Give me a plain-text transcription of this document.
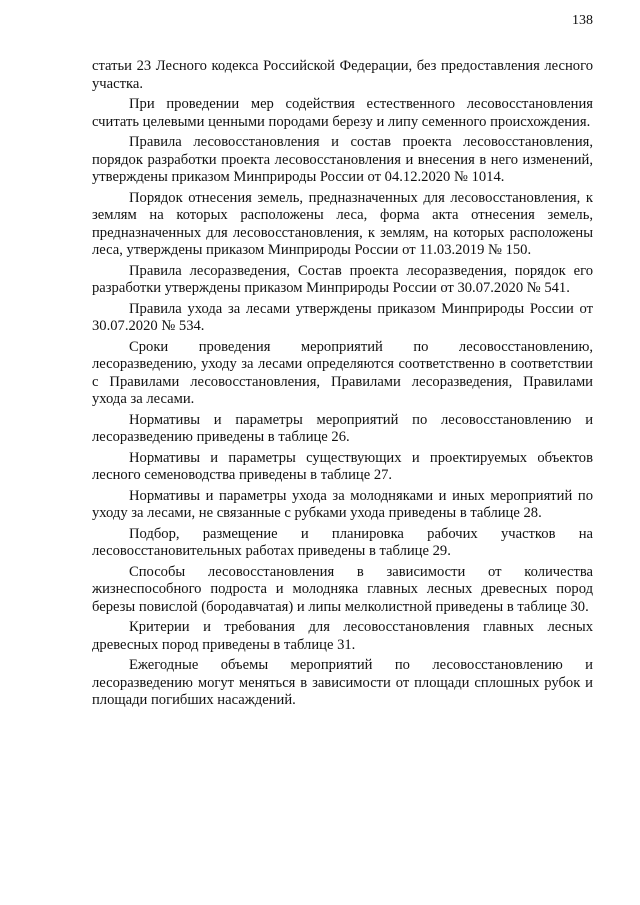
138

статьи 23 Лесного кодекса Российской Федерации, без предоставления лесного участка.

При проведении мер содействия естественного лесовосстановления считать целевыми ценными породами березу и липу семенного происхождения.

Правила лесовосстановления и состав проекта лесовосстановления, порядок разработки проекта лесовосстановления и внесения в него изменений, утверждены приказом Минприроды России от 04.12.2020 № 1014.

Порядок отнесения земель, предназначенных для лесовосстановления, к землям на которых расположены леса, форма акта отнесения земель, предназначенных для лесовосстановления, к землям, на которых расположены леса, утверждены приказом Минприроды России от 11.03.2019 № 150.

Правила лесоразведения, Состав проекта лесоразведения, порядок его разработки утверждены приказом Минприроды России от 30.07.2020 № 541.

Правила ухода за лесами утверждены приказом Минприроды России от 30.07.2020 № 534.

Сроки проведения мероприятий по лесовосстановлению, лесоразведению, уходу за лесами определяются соответственно в соответствии с Правилами лесовосстановления, Правилами лесоразведения, Правилами ухода за лесами.

Нормативы и параметры мероприятий по лесовосстановлению и лесоразведению приведены в таблице 26.

Нормативы и параметры существующих и проектируемых объектов лесного семеноводства приведены в таблице 27.

Нормативы и параметры ухода за молодняками и иных мероприятий по уходу за лесами, не связанные с рубками ухода приведены в таблице 28.

Подбор, размещение и планировка рабочих участков на лесовосстановительных работах приведены в таблице 29.

Способы лесовосстановления в зависимости от количества жизнеспособного подроста и молодняка главных лесных древесных пород березы повислой (бородавчатая) и липы мелколистной приведены в таблице 30.

Критерии и требования для лесовосстановления главных лесных древесных пород приведены в таблице 31.

Ежегодные объемы мероприятий по лесовосстановлению и лесоразведению могут меняться в зависимости от площади сплошных рубок и площади погибших насаждений.
